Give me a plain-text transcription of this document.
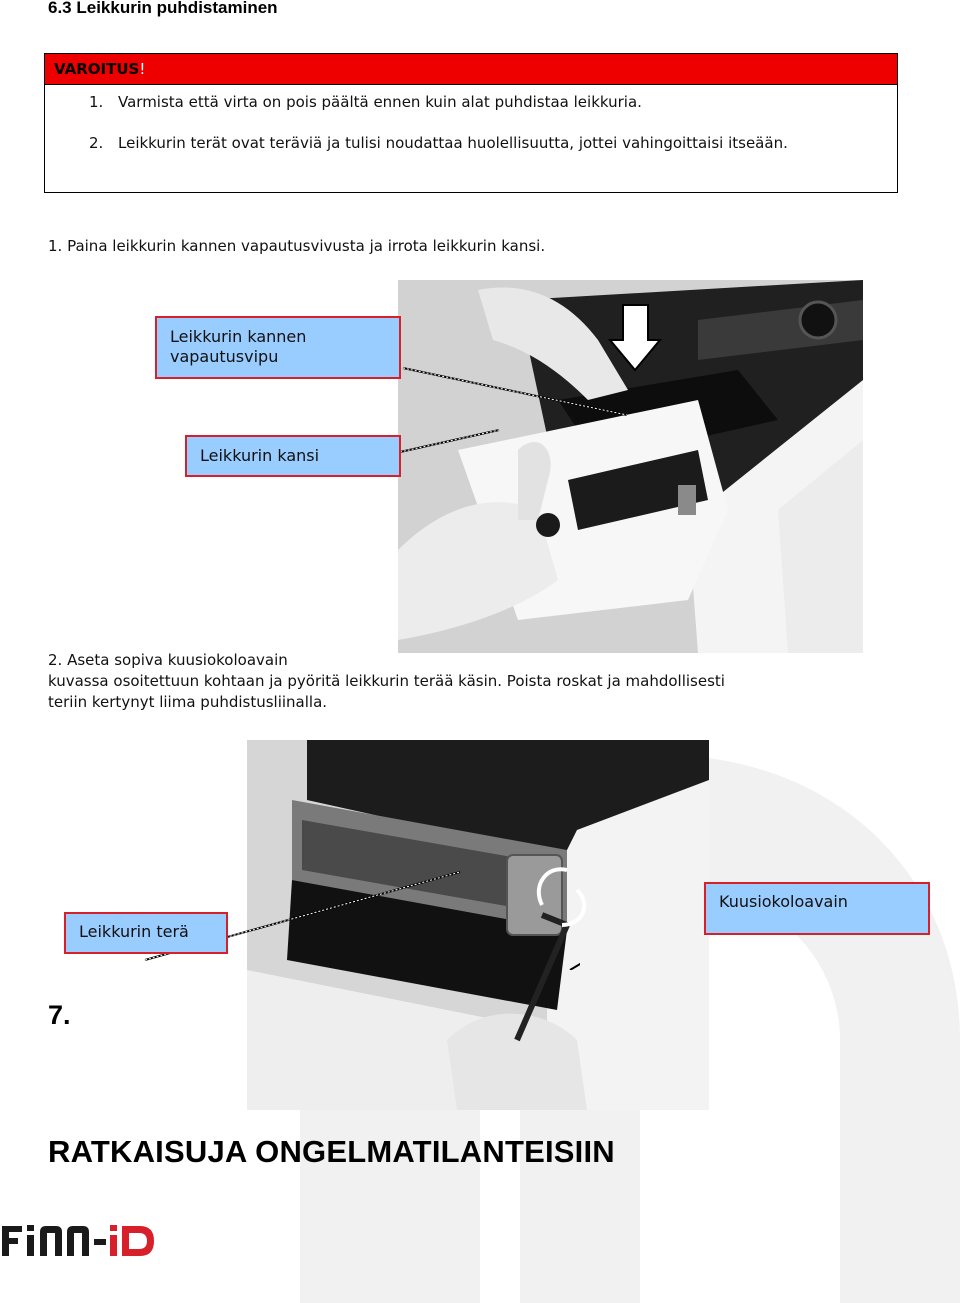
6.3 Leikkurin puhdistaminen
VAROITUS!
1. Varmista että virta on pois päältä ennen kuin alat puhdistaa leikkuria.
2. Leikkurin terät ovat teräviä ja tulisi noudattaa huolellisuutta, jottei vahingoittaisi itseään.
1. Paina leikkurin kannen vapautusvivusta ja irrota leikkurin kansi.
Leikkurin kannen
vapautusvipu
Leikkurin kansi
2. Aseta sopiva kuusiokoloavain
kuvassa osoitettuun kohtaan ja pyöritä leikkurin terää käsin. Poista roskat ja mahdollisesti
teriin kertynyt liima puhdistusliinalla.
Leikkurin terä
Kuusiokoloavain
7.
RATKAISUJA ONGELMATILANTEISIIN
FiNN-iD
